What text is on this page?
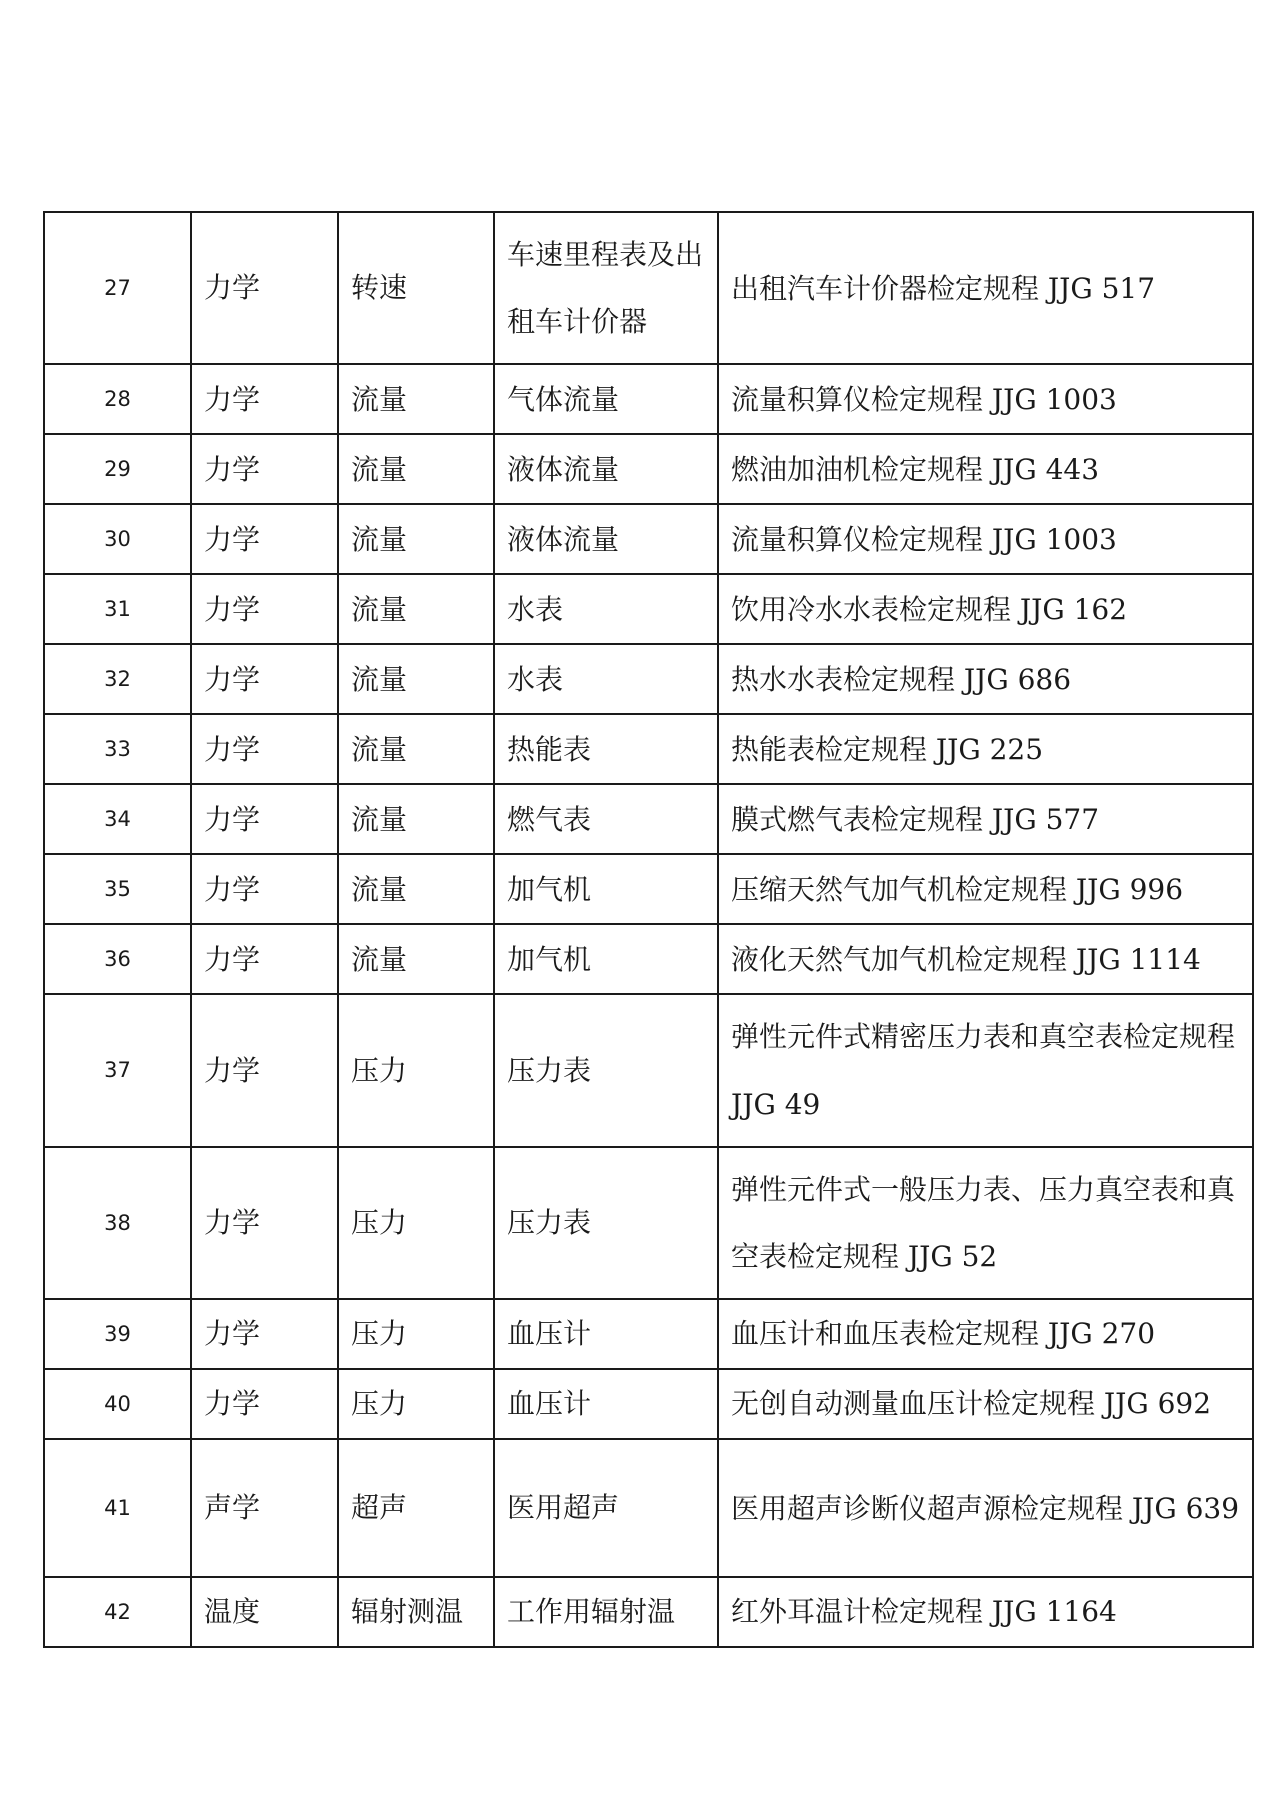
27	力学	转速	车速里程表及出租车计价器	出租汽车计价器检定规程 JJG 517
28	力学	流量	气体流量	流量积算仪检定规程 JJG 1003
29	力学	流量	液体流量	燃油加油机检定规程 JJG 443
30	力学	流量	液体流量	流量积算仪检定规程 JJG 1003
31	力学	流量	水表	饮用冷水水表检定规程 JJG 162
32	力学	流量	水表	热水水表检定规程 JJG 686
33	力学	流量	热能表	热能表检定规程 JJG 225
34	力学	流量	燃气表	膜式燃气表检定规程 JJG 577
35	力学	流量	加气机	压缩天然气加气机检定规程 JJG 996
36	力学	流量	加气机	液化天然气加气机检定规程 JJG 1114
37	力学	压力	压力表	弹性元件式精密压力表和真空表检定规程 JJG 49
38	力学	压力	压力表	弹性元件式一般压力表、压力真空表和真空表检定规程 JJG 52
39	力学	压力	血压计	血压计和血压表检定规程 JJG 270
40	力学	压力	血压计	无创自动测量血压计检定规程 JJG 692
41	声学	超声	医用超声	医用超声诊断仪超声源检定规程 JJG 639
42	温度	辐射测温	工作用辐射温	红外耳温计检定规程 JJG 1164
